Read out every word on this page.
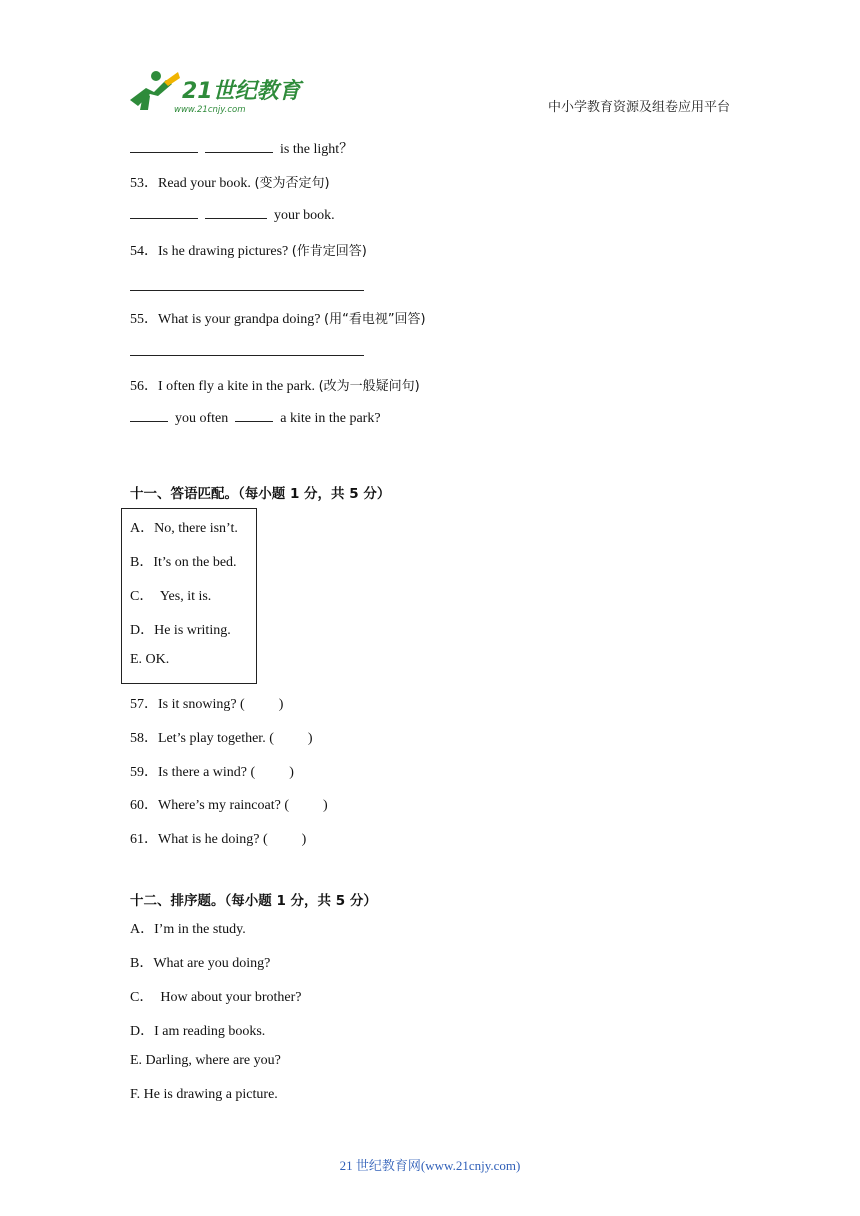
21世纪教育
www.21cnjy.com	中小学教育资源及组卷应用平台
is the light？
53．Read your book. (变为否定句)
your book.
54．Is he drawing pictures? (作肯定回答)
55．What is your grandpa doing? (用“看电视”回答)
56．I often fly a kite in the park. (改为一般疑问句)
you often	a kite in the park?
十一、答语匹配。（每小题 1 分，共 5 分）
A．No, there isn’t.
B．It’s on the bed.
C．  Yes, it is.
D．He is writing.
E. OK.
57．Is it snowing? ( )
58．Let’s play together. ( )
59．Is there a wind? ( )
60．Where’s my raincoat? ( )
61．What is he doing? ( )
十二、排序题。（每小题 1 分，共 5 分）
A．I’m in the study.
B．What are you doing?
C．  How about your brother?
D．I am reading books.
E. Darling, where are you?
F. He is drawing a picture.
21 世纪教育网(www.21cnjy.com)
